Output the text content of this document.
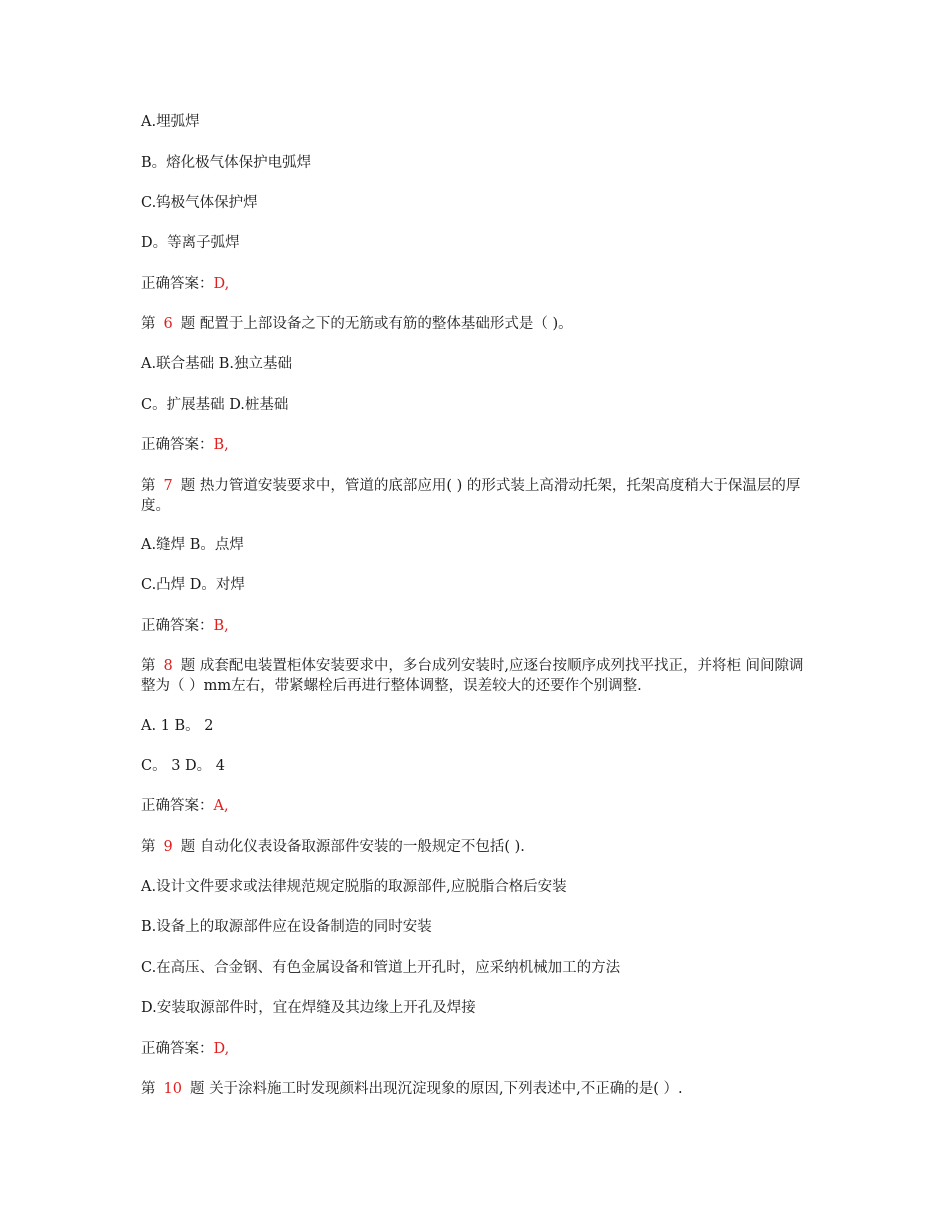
A.埋弧焊
B。熔化极气体保护电弧焊
C.钨极气体保护焊
D。等离子弧焊
正确答案：D,
第 6 题 配置于上部设备之下的无筋或有筋的整体基础形式是（ )。
A.联合基础 B.独立基础
C。扩展基础 D.桩基础
正确答案：B,
第 7 题 热力管道安装要求中，管道的底部应用( ) 的形式装上高滑动托架，托架高度稍大于保温层的厚度。
A.缝焊 B。点焊
C.凸焊 D。对焊
正确答案：B,
第 8 题 成套配电装置柜体安装要求中，多台成列安装时,应逐台按顺序成列找平找正，并将柜 间间隙调整为（ ）mm左右，带紧螺栓后再进行整体调整，误差较大的还要作个别调整.
A. 1 B。 2
C。 3 D。 4
正确答案：A,
第 9 题 自动化仪表设备取源部件安装的一般规定不包括( ).
A.设计文件要求或法律规范规定脱脂的取源部件,应脱脂合格后安装
B.设备上的取源部件应在设备制造的同时安装
C.在高压、合金钢、有色金属设备和管道上开孔时，应采纳机械加工的方法
D.安装取源部件时，宜在焊缝及其边缘上开孔及焊接
正确答案：D,
第 10 题 关于涂料施工时发现颜料出现沉淀现象的原因,下列表述中,不正确的是( ）.
